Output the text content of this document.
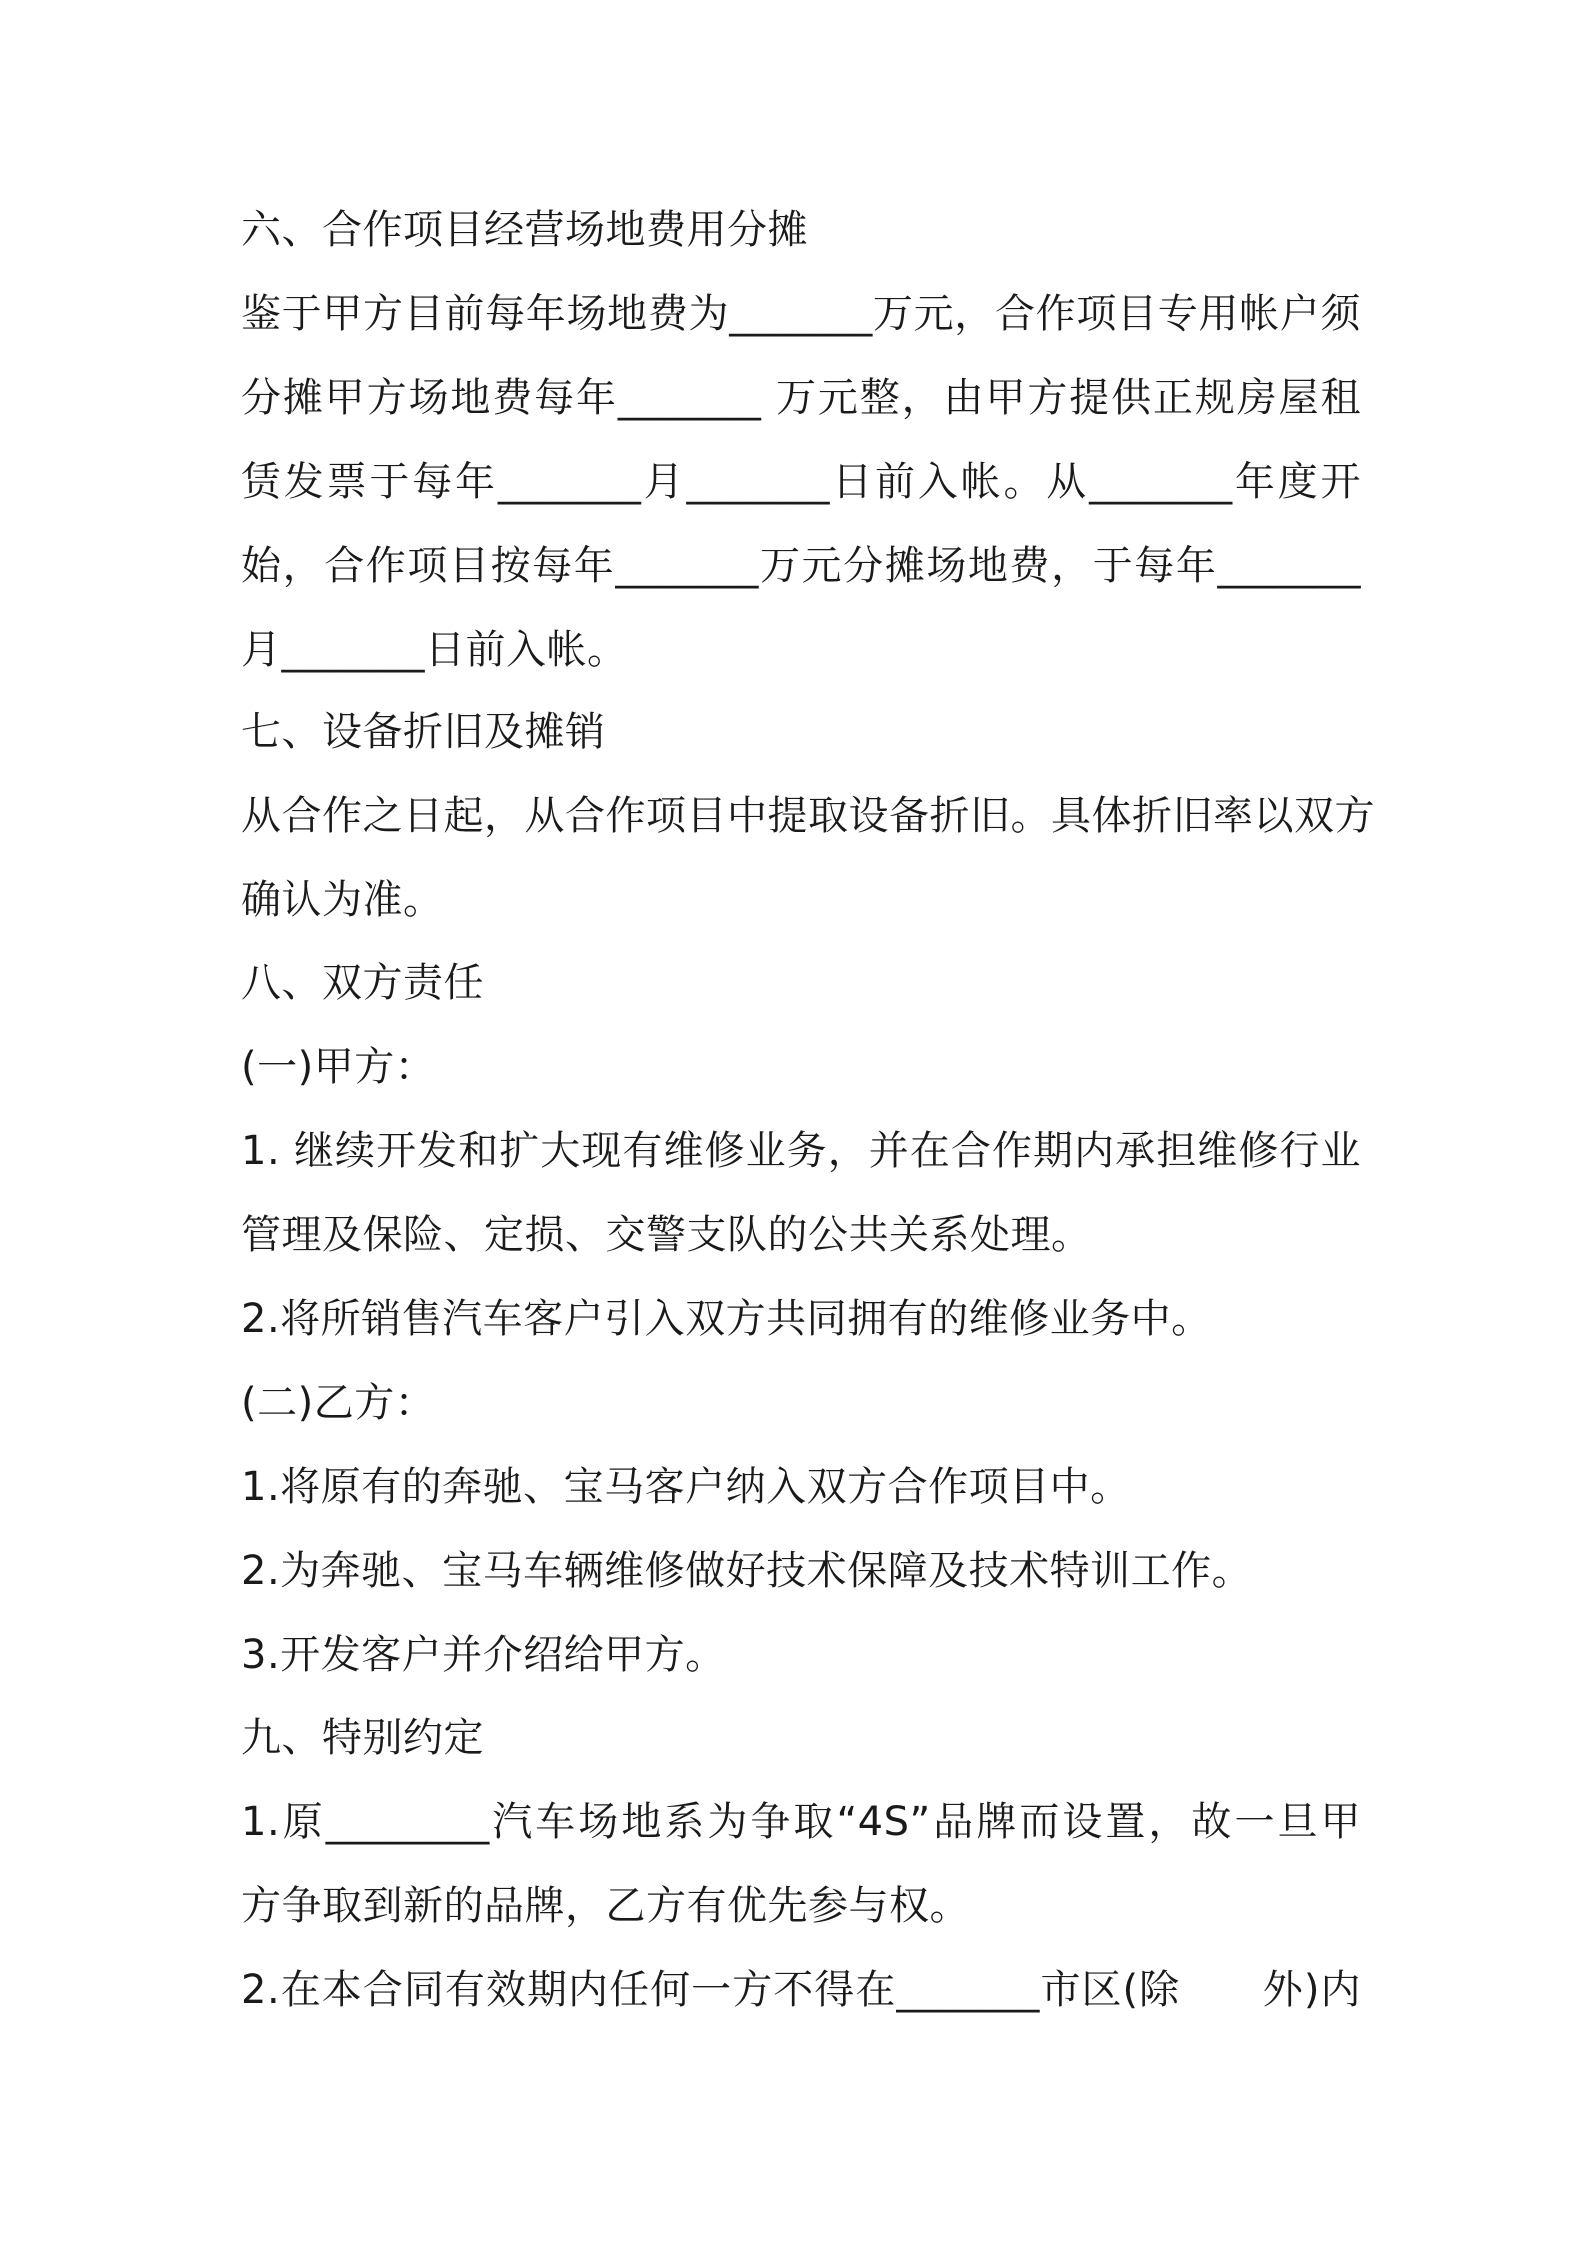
六、合作项目经营场地费用分摊

鉴于甲方目前每年场地费为_______万元，合作项目专用帐户须

分摊甲方场地费每年_______ 万元整，由甲方提供正规房屋租

赁发票于每年_______月_______日前入帐。从_______年度开

始，合作项目按每年_______万元分摊场地费，于每年_______

月_______日前入帐。

七、设备折旧及摊销

从合作之日起，从合作项目中提取设备折旧。具体折旧率以双方

确认为准。

八、双方责任

(一)甲方：

1. 继续开发和扩大现有维修业务，并在合作期内承担维修行业

管理及保险、定损、交警支队的公共关系处理。

2.将所销售汽车客户引入双方共同拥有的维修业务中。

(二)乙方：

1.将原有的奔驰、宝马客户纳入双方合作项目中。

2.为奔驰、宝马车辆维修做好技术保障及技术特训工作。

3.开发客户并介绍给甲方。

九、特别约定

1.原________汽车场地系为争取“4S”品牌而设置，故一旦甲

方争取到新的品牌，乙方有优先参与权。

2.在本合同有效期内任何一方不得在_______市区(除      外)内
